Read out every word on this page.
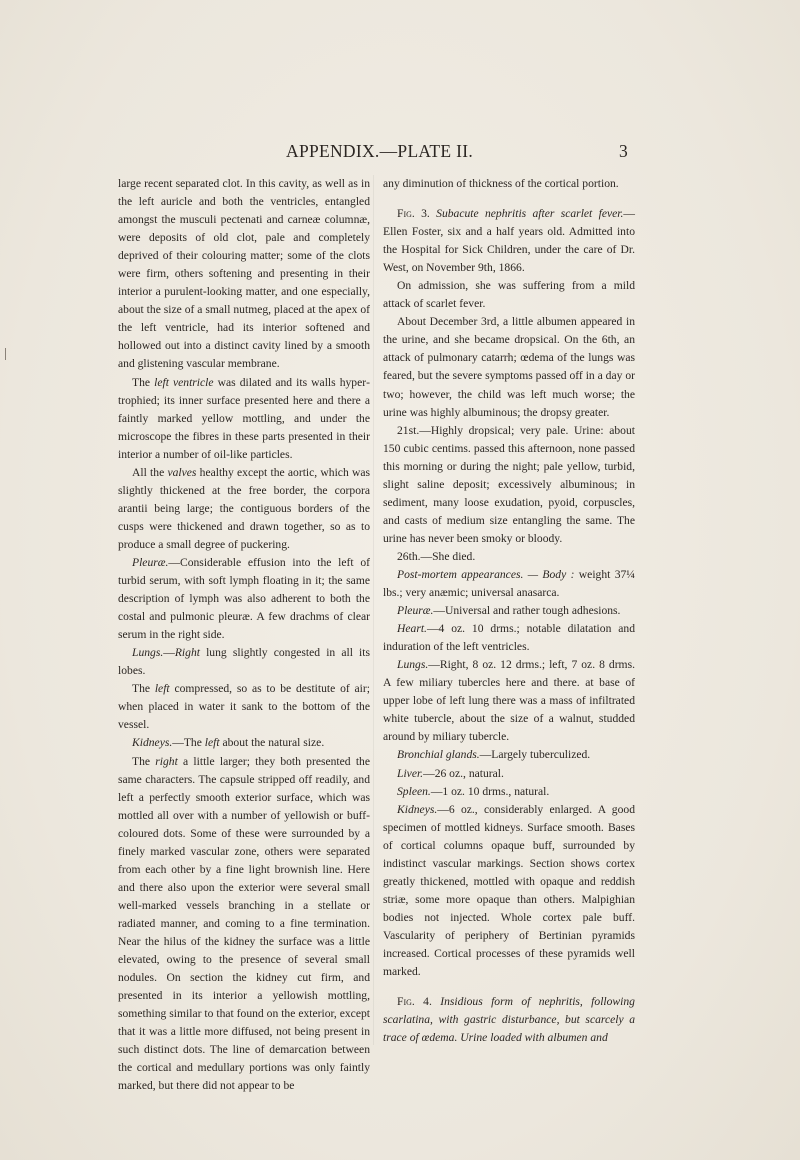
APPENDIX.—PLATE II.	3

large recent separated clot. In this cavity, as well as in the left auricle and both the ventricles, entangled amongst the musculi pectenati and carneæ columnæ, were deposits of old clot, pale and completely deprived of their colouring matter; some of the clots were firm, others softening and presenting in their interior a purulent-looking matter, and one especially, about the size of a small nutmeg, placed at the apex of the left ventricle, had its interior softened and hollowed out into a distinct cavity lined by a smooth and glistening vascular membrane.

The left ventricle was dilated and its walls hypertrophied; its inner surface presented here and there a faintly marked yellow mottling, and under the microscope the fibres in these parts presented in their interior a number of oil-like particles.

All the valves healthy except the aortic, which was slightly thickened at the free border, the corpora arantii being large; the contiguous borders of the cusps were thickened and drawn together, so as to produce a small degree of puckering.

Pleuræ.—Considerable effusion into the left of turbid serum, with soft lymph floating in it; the same description of lymph was also adherent to both the costal and pulmonic pleuræ. A few drachms of clear serum in the right side.

Lungs.—Right lung slightly congested in all its lobes.

The left compressed, so as to be destitute of air; when placed in water it sank to the bottom of the vessel.

Kidneys.—The left about the natural size.

The right a little larger; they both presented the same characters. The capsule stripped off readily, and left a perfectly smooth exterior surface, which was mottled all over with a number of yellowish or buff-coloured dots. Some of these were surrounded by a finely marked vascular zone, others were separated from each other by a fine light brownish line. Here and there also upon the exterior were several small well-marked vessels branching in a stellate or radiated manner, and coming to a fine termination. Near the hilus of the kidney the surface was a little elevated, owing to the presence of several small nodules. On section the kidney cut firm, and presented in its interior a yellowish mottling, something similar to that found on the exterior, except that it was a little more diffused, not being present in such distinct dots. The line of demarcation between the cortical and medullary portions was only faintly marked, but there did not appear to be

any diminution of thickness of the cortical portion.

Fig. 3. Subacute nephritis after scarlet fever.—Ellen Foster, six and a half years old. Admitted into the Hospital for Sick Children, under the care of Dr. West, on November 9th, 1866.

On admission, she was suffering from a mild attack of scarlet fever.

About December 3rd, a little albumen appeared in the urine, and she became dropsical. On the 6th, an attack of pulmonary catarrh; œdema of the lungs was feared, but the severe symptoms passed off in a day or two; however, the child was left much worse; the urine was highly albuminous; the dropsy greater.

21st.—Highly dropsical; very pale. Urine: about 150 cubic centims. passed this afternoon, none passed this morning or during the night; pale yellow, turbid, slight saline deposit; excessively albuminous; in sediment, many loose exudation, pyoid, corpuscles, and casts of medium size entangling the same. The urine has never been smoky or bloody.

26th.—She died.

Post-mortem appearances. — Body : weight 37¼ lbs.; very anæmic; universal anasarca.

Pleuræ.—Universal and rather tough adhesions.

Heart.—4 oz. 10 drms.; notable dilatation and induration of the left ventricles.

Lungs.—Right, 8 oz. 12 drms.; left, 7 oz. 8 drms. A few miliary tubercles here and there. at base of upper lobe of left lung there was a mass of infiltrated white tubercle, about the size of a walnut, studded around by miliary tubercle.

Bronchial glands.—Largely tuberculized.

Liver.—26 oz., natural.

Spleen.—1 oz. 10 drms., natural.

Kidneys.—6 oz., considerably enlarged. A good specimen of mottled kidneys. Surface smooth. Bases of cortical columns opaque buff, surrounded by indistinct vascular markings. Section shows cortex greatly thickened, mottled with opaque and reddish striæ, some more opaque than others. Malpighian bodies not injected. Whole cortex pale buff. Vascularity of periphery of Bertinian pyramids increased. Cortical processes of these pyramids well marked.

Fig. 4. Insidious form of nephritis, following scarlatina, with gastric disturbance, but scarcely a trace of œdema. Urine loaded with albumen and
